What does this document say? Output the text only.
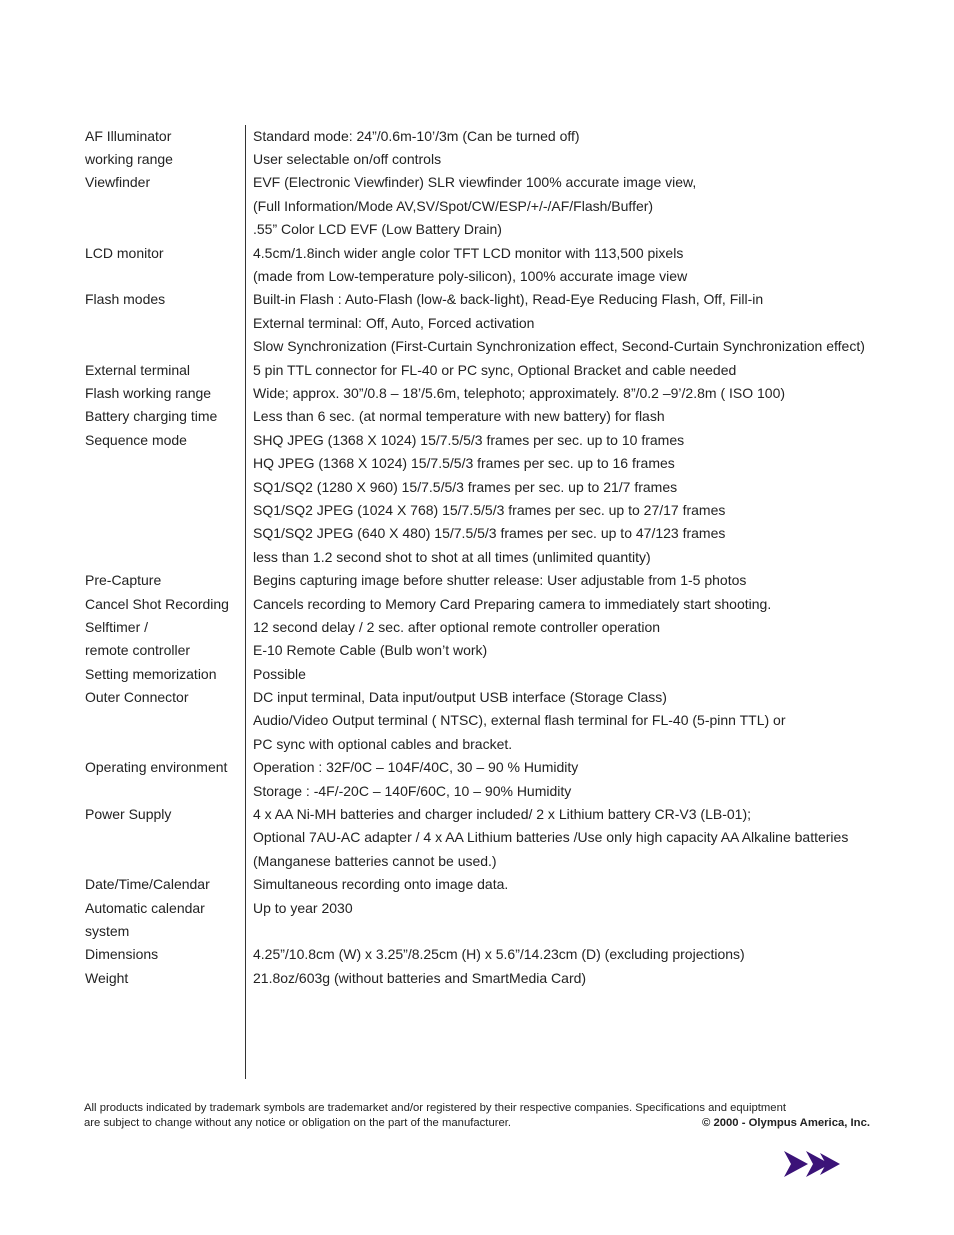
AF Illuminator	Standard mode: 24”/0.6m-10’/3m (Can be turned off)
working range	User selectable on/off controls
Viewfinder	EVF (Electronic Viewfinder) SLR viewfinder 100% accurate image view,
(Full Information/Mode AV,SV/Spot/CW/ESP/+/-/AF/Flash/Buffer)
.55” Color LCD EVF (Low Battery Drain)
LCD monitor	4.5cm/1.8inch wider angle color TFT LCD monitor with 113,500 pixels
(made from Low-temperature poly-silicon), 100% accurate image view
Flash modes	Built-in Flash : Auto-Flash (low-& back-light), Read-Eye Reducing Flash, Off, Fill-in
External terminal: Off, Auto, Forced activation
Slow Synchronization (First-Curtain Synchronization effect, Second-Curtain Synchronization effect)
External terminal	5 pin TTL connector for FL-40 or PC sync, Optional Bracket and cable needed
Flash working range	Wide; approx. 30”/0.8 – 18’/5.6m, telephoto; approximately. 8”/0.2 –9’/2.8m ( ISO 100)
Battery charging time	Less than 6 sec. (at normal temperature with new battery) for flash
Sequence mode	SHQ JPEG (1368 X 1024) 15/7.5/5/3 frames per sec. up to 10 frames
HQ JPEG (1368 X 1024) 15/7.5/5/3 frames per sec. up to 16 frames
SQ1/SQ2 (1280 X 960) 15/7.5/5/3 frames per sec. up to 21/7 frames
SQ1/SQ2 JPEG (1024 X 768) 15/7.5/5/3 frames per sec. up to 27/17 frames
SQ1/SQ2 JPEG (640 X 480) 15/7.5/5/3 frames per sec. up to 47/123 frames
less than 1.2 second shot to shot at all times (unlimited quantity)
Pre-Capture	Begins capturing image before shutter release: User adjustable from 1-5 photos
Cancel Shot Recording	Cancels recording to Memory Card Preparing camera to immediately start shooting.
Selftimer /	12 second delay / 2 sec. after optional remote controller operation
remote controller	E-10 Remote Cable (Bulb won’t work)
Setting memorization	Possible
Outer Connector	DC input terminal, Data input/output USB interface (Storage Class)
Audio/Video Output terminal ( NTSC), external flash terminal for FL-40 (5-pinn TTL) or
PC sync with optional cables and bracket.
Operating environment	Operation : 32F/0C – 104F/40C, 30 – 90 % Humidity
Storage : -4F/-20C – 140F/60C, 10 – 90% Humidity
Power Supply	4 x AA Ni-MH batteries and charger included/ 2 x Lithium battery CR-V3 (LB-01);
Optional 7AU-AC adapter / 4 x AA Lithium batteries /Use only high capacity AA Alkaline batteries
(Manganese batteries cannot be used.)
Date/Time/Calendar	Simultaneous recording onto image data.
Automatic calendar	Up to year 2030
system
Dimensions	4.25”/10.8cm (W) x 3.25”/8.25cm (H) x 5.6”/14.23cm (D) (excluding projections)
Weight	21.8oz/603g (without batteries and SmartMedia Card)
All products indicated by trademark symbols are trademarket and/or registered by their respective companies. Specifications and equiptment
are subject to change without any notice or obligation on the part of the manufacturer.	© 2000 - Olympus America, Inc.
